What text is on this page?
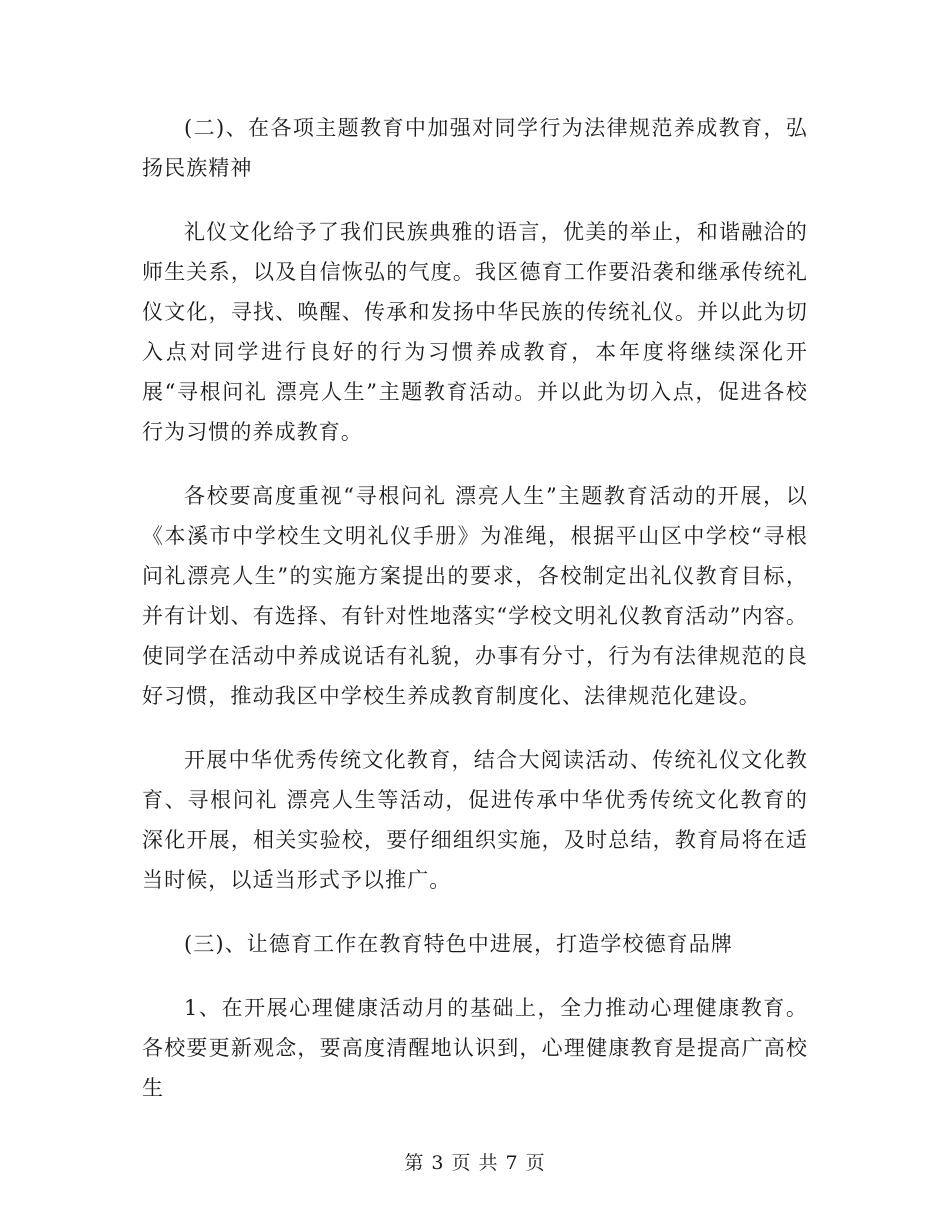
(二)、在各项主题教育中加强对同学行为法律规范养成教育，弘扬民族精神

礼仪文化给予了我们民族典雅的语言，优美的举止，和谐融洽的师生关系，以及自信恢弘的气度。我区德育工作要沿袭和继承传统礼仪文化，寻找、唤醒、传承和发扬中华民族的传统礼仪。并以此为切入点对同学进行良好的行为习惯养成教育，本年度将继续深化开展“寻根问礼 漂亮人生”主题教育活动。并以此为切入点，促进各校行为习惯的养成教育。

各校要高度重视“寻根问礼 漂亮人生”主题教育活动的开展，以《本溪市中学校生文明礼仪手册》为准绳，根据平山区中学校“寻根问礼漂亮人生”的实施方案提出的要求，各校制定出礼仪教育目标，并有计划、有选择、有针对性地落实“学校文明礼仪教育活动”内容。使同学在活动中养成说话有礼貌，办事有分寸，行为有法律规范的良好习惯，推动我区中学校生养成教育制度化、法律规范化建设。

开展中华优秀传统文化教育，结合大阅读活动、传统礼仪文化教育、寻根问礼 漂亮人生等活动，促进传承中华优秀传统文化教育的深化开展，相关实验校，要仔细组织实施，及时总结，教育局将在适当时候，以适当形式予以推广。

(三)、让德育工作在教育特色中进展，打造学校德育品牌

1、在开展心理健康活动月的基础上，全力推动心理健康教育。各校要更新观念，要高度清醒地认识到，心理健康教育是提高广高校生

第 3 页 共 7 页
